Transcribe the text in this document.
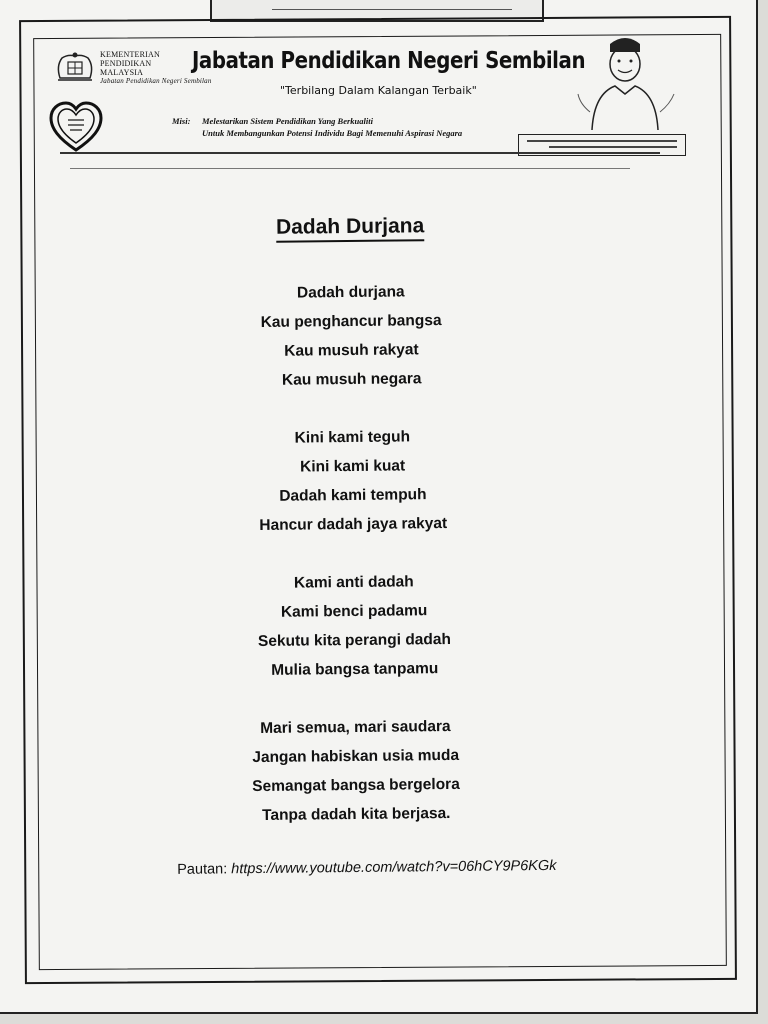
KEMENTERIAN
PENDIDIKAN
MALAYSIA
Jabatan Pendidikan Negeri Sembilan
Jabatan Pendidikan Negeri Sembilan
"Terbilang Dalam Kalangan Terbaik"
Misi:	Melestarikan Sistem Pendidikan Yang Berkualiti
Untuk Membangunkan Potensi Individu Bagi Memenuhi Aspirasi Negara
Dadah Durjana
Dadah durjana
Kau penghancur bangsa
Kau musuh rakyat
Kau musuh negara
Kini kami teguh
Kini kami kuat
Dadah kami tempuh
Hancur dadah jaya rakyat
Kami anti dadah
Kami benci padamu
Sekutu kita perangi dadah
Mulia bangsa tanpamu
Mari semua, mari saudara
Jangan habiskan usia muda
Semangat bangsa bergelora
Tanpa dadah kita berjasa.
Pautan: https://www.youtube.com/watch?v=06hCY9P6KGk
